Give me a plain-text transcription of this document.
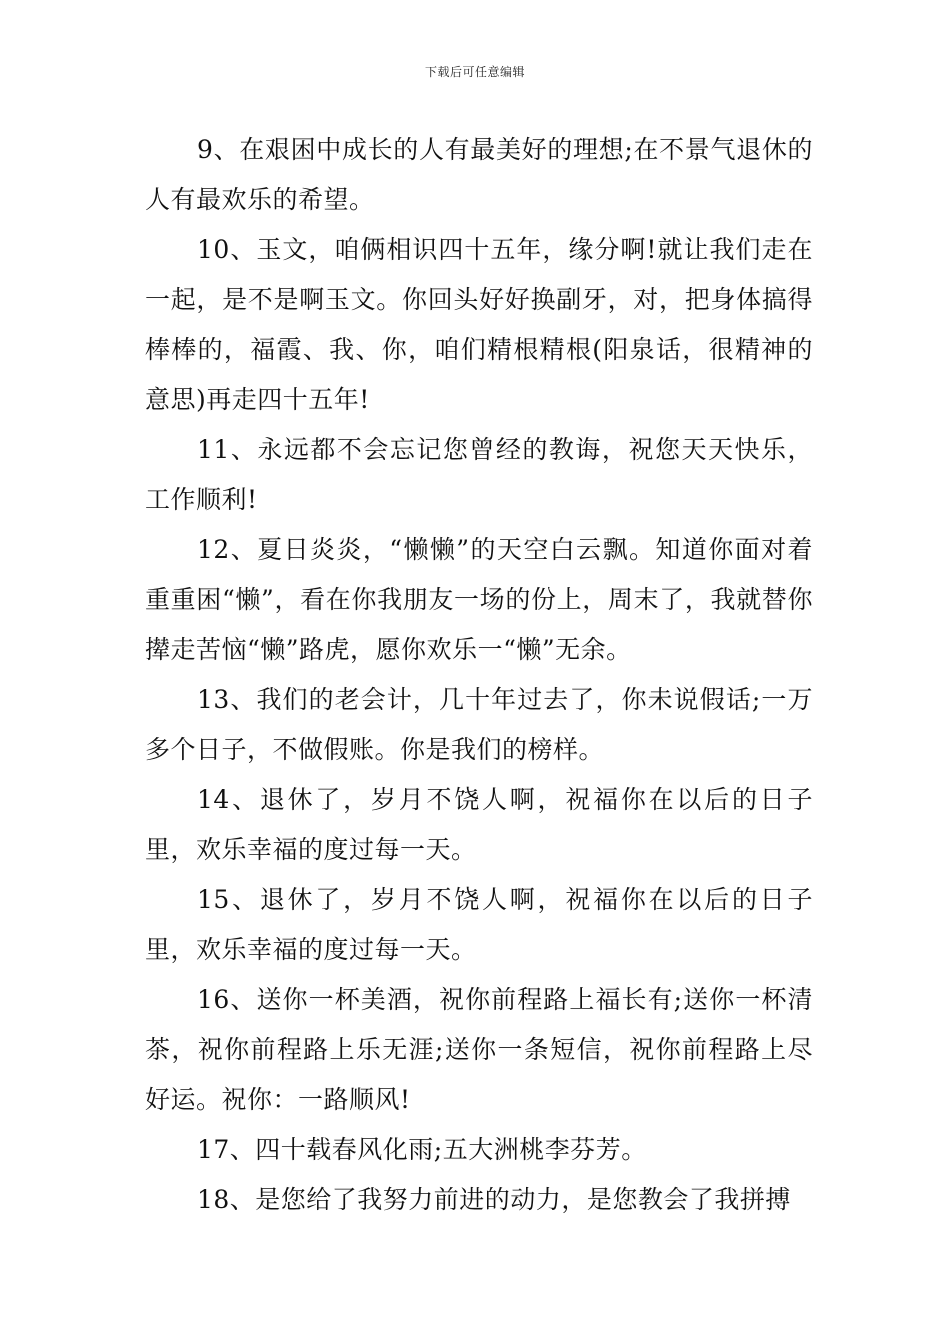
下载后可任意编辑

9、在艰困中成长的人有最美好的理想;在不景气退休的人有最欢乐的希望。

10、玉文，咱俩相识四十五年，缘分啊!就让我们走在一起，是不是啊玉文。你回头好好换副牙，对，把身体搞得棒棒的，福霞、我、你，咱们精根精根(阳泉话，很精神的意思)再走四十五年!

11、永远都不会忘记您曾经的教诲，祝您天天快乐，工作顺利!

12、夏日炎炎，“懒懒”的天空白云飘。知道你面对着重重困“懒”，看在你我朋友一场的份上，周末了，我就替你撵走苦恼“懒”路虎，愿你欢乐一“懒”无余。

13、我们的老会计，几十年过去了，你未说假话;一万多个日子，不做假账。你是我们的榜样。

14、退休了，岁月不饶人啊，祝福你在以后的日子里，欢乐幸福的度过每一天。

15、退休了，岁月不饶人啊，祝福你在以后的日子里，欢乐幸福的度过每一天。

16、送你一杯美酒，祝你前程路上福长有;送你一杯清茶，祝你前程路上乐无涯;送你一条短信，祝你前程路上尽好运。祝你：一路顺风!

17、四十载春风化雨;五大洲桃李芬芳。

18、是您给了我努力前进的动力，是您教会了我拼搏
